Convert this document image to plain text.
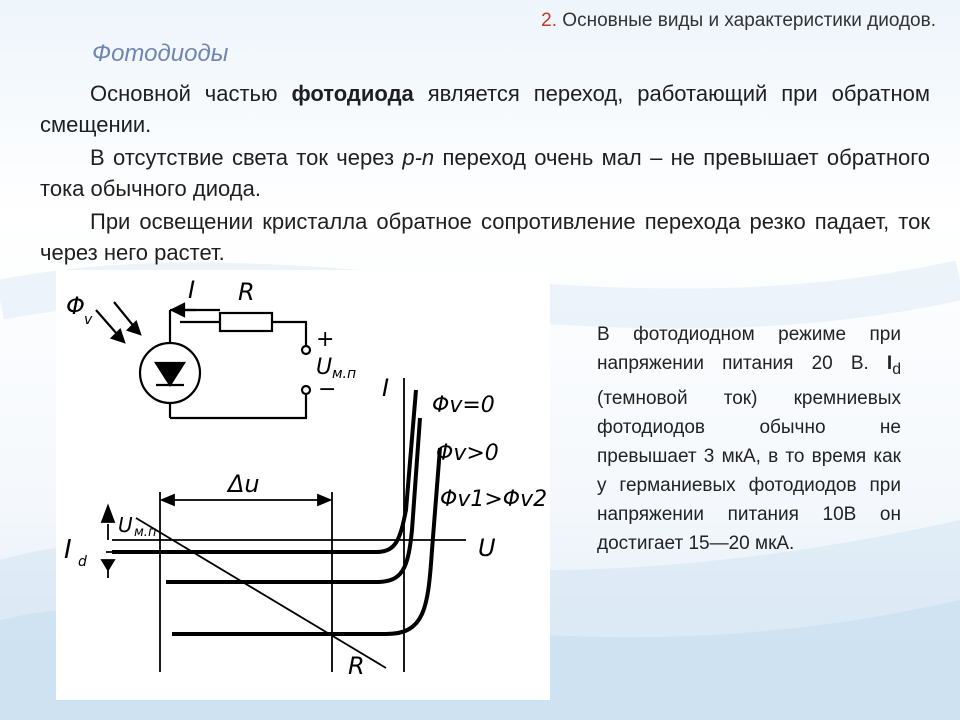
2. Основные виды и характеристики диодов.
Фотодиоды
Основной частью фотодиода является переход, работающий при обратном смещении.
В отсутствие света ток через p-n переход очень мал – не превышает обратного тока обычного диода.
При освещении кристалла обратное сопротивление перехода резко падает, ток через него растет.
Φ v
I R
+
−
U м.п I
U
Δu
U м.п
I d
R
Φv=0
Φv>0
Φv1>Φv2
В фотодиодном режиме при напряжении питания 20 В. $I_d$ (темновой ток) кремниевых фотодиодов обычно не превышает 3 мкА, в то время как у германиевых фотодиодов при
напряжении питания 10В он достигает 15—20 мкА.
